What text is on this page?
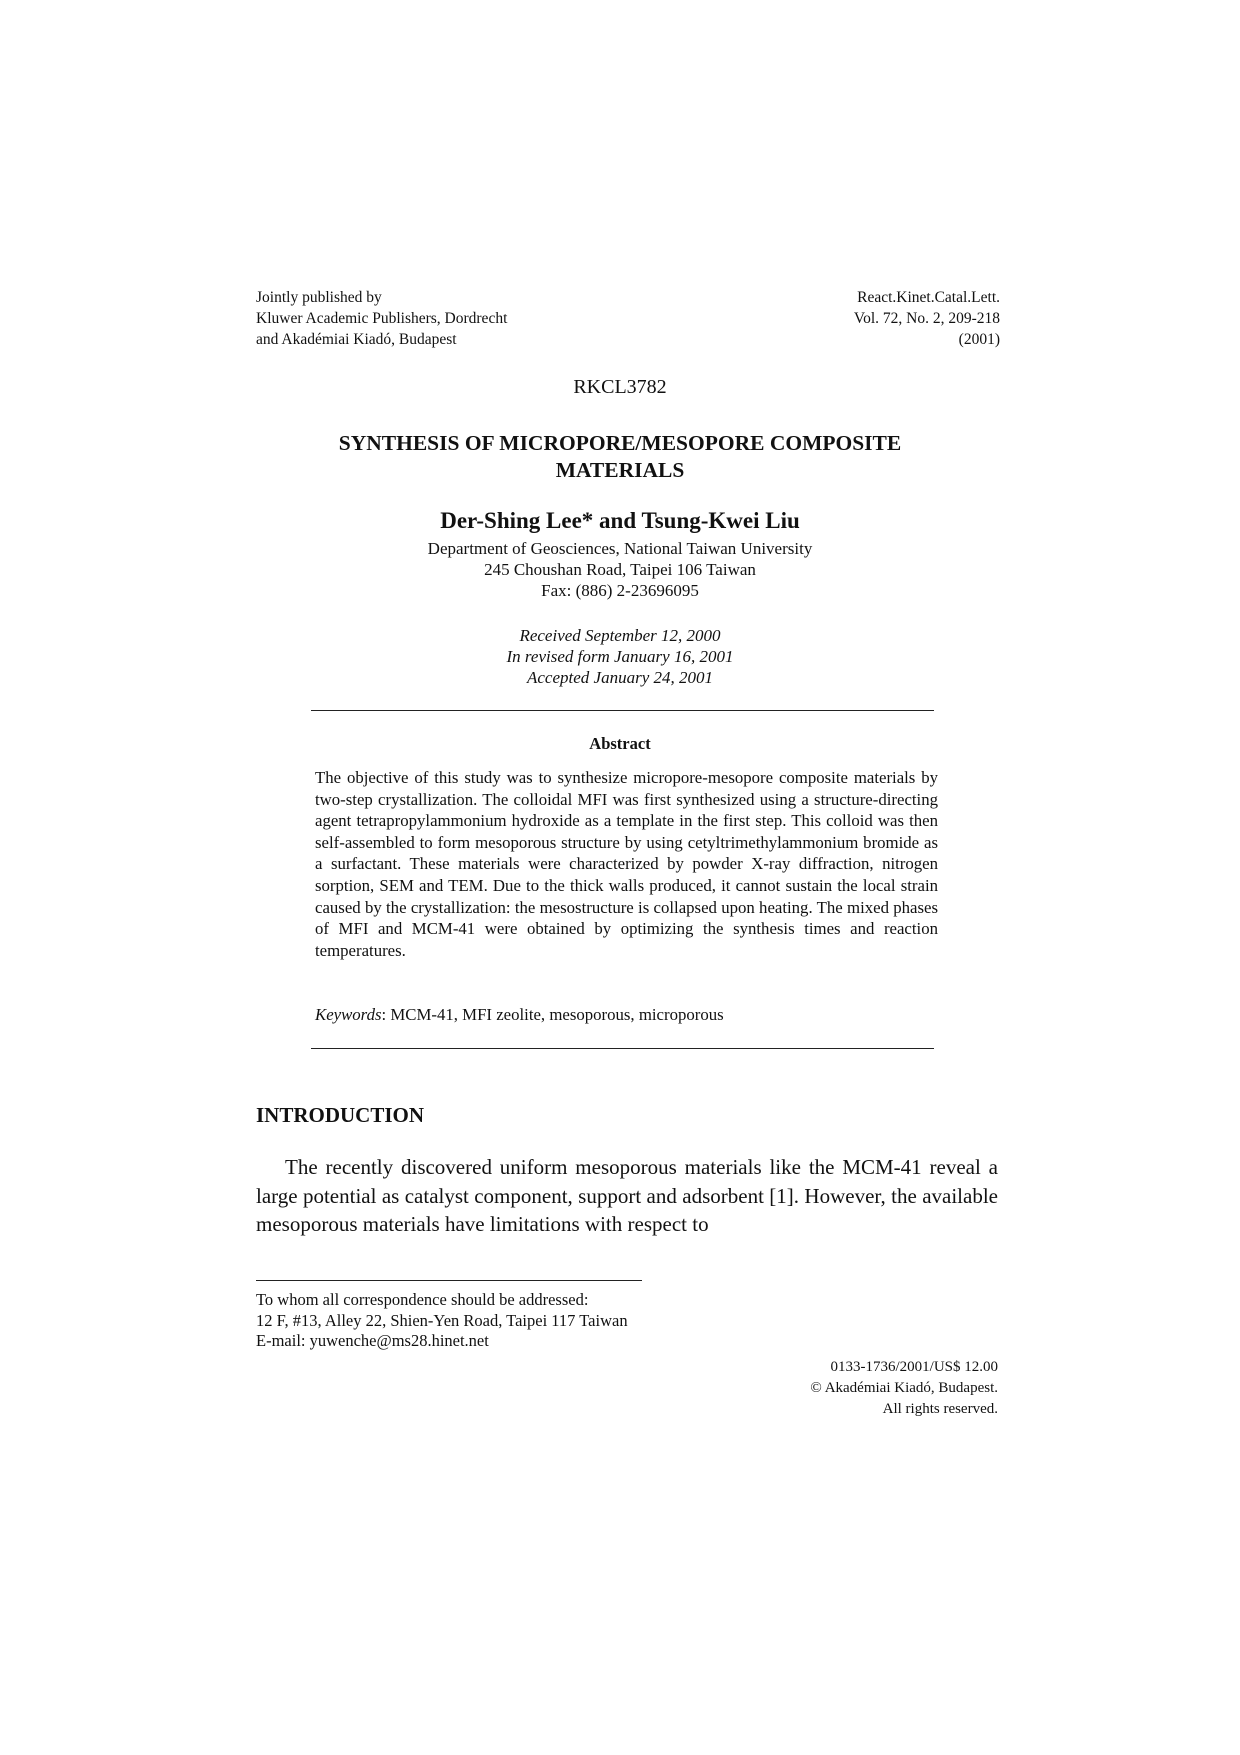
Jointly published by
Kluwer Academic Publishers, Dordrecht
and Akadémiai Kiadó, Budapest
React.Kinet.Catal.Lett.
Vol. 72, No. 2, 209-218
(2001)
RKCL3782
SYNTHESIS OF MICROPORE/MESOPORE COMPOSITE
MATERIALS
Der-Shing Lee* and Tsung-Kwei Liu
Department of Geosciences, National Taiwan University
245 Choushan Road, Taipei 106 Taiwan
Fax: (886) 2-23696095
Received September 12, 2000
In revised form January 16, 2001
Accepted January 24, 2001
Abstract
The objective of this study was to synthesize micropore-mesopore composite materials by two-step crystallization. The colloidal MFI was first synthesized using a structure-directing agent tetrapropylammonium hydroxide as a template in the first step. This colloid was then self-assembled to form mesoporous structure by using cetyltrimethylammonium bromide as a surfactant. These materials were characterized by powder X-ray diffraction, nitrogen sorption, SEM and TEM. Due to the thick walls produced, it cannot sustain the local strain caused by the crystallization: the mesostructure is collapsed upon heating. The mixed phases of MFI and MCM-41 were obtained by optimizing the synthesis times and reaction temperatures.
Keywords: MCM-41, MFI zeolite, mesoporous, microporous
INTRODUCTION
The recently discovered uniform mesoporous materials like the MCM-41 reveal a large potential as catalyst component, support and adsorbent [1]. However, the available mesoporous materials have limitations with respect to
To whom all correspondence should be addressed:
12 F, #13, Alley 22, Shien-Yen Road, Taipei 117 Taiwan
E-mail: yuwenche@ms28.hinet.net
0133-1736/2001/US$ 12.00
© Akadémiai Kiadó, Budapest.
All rights reserved.
